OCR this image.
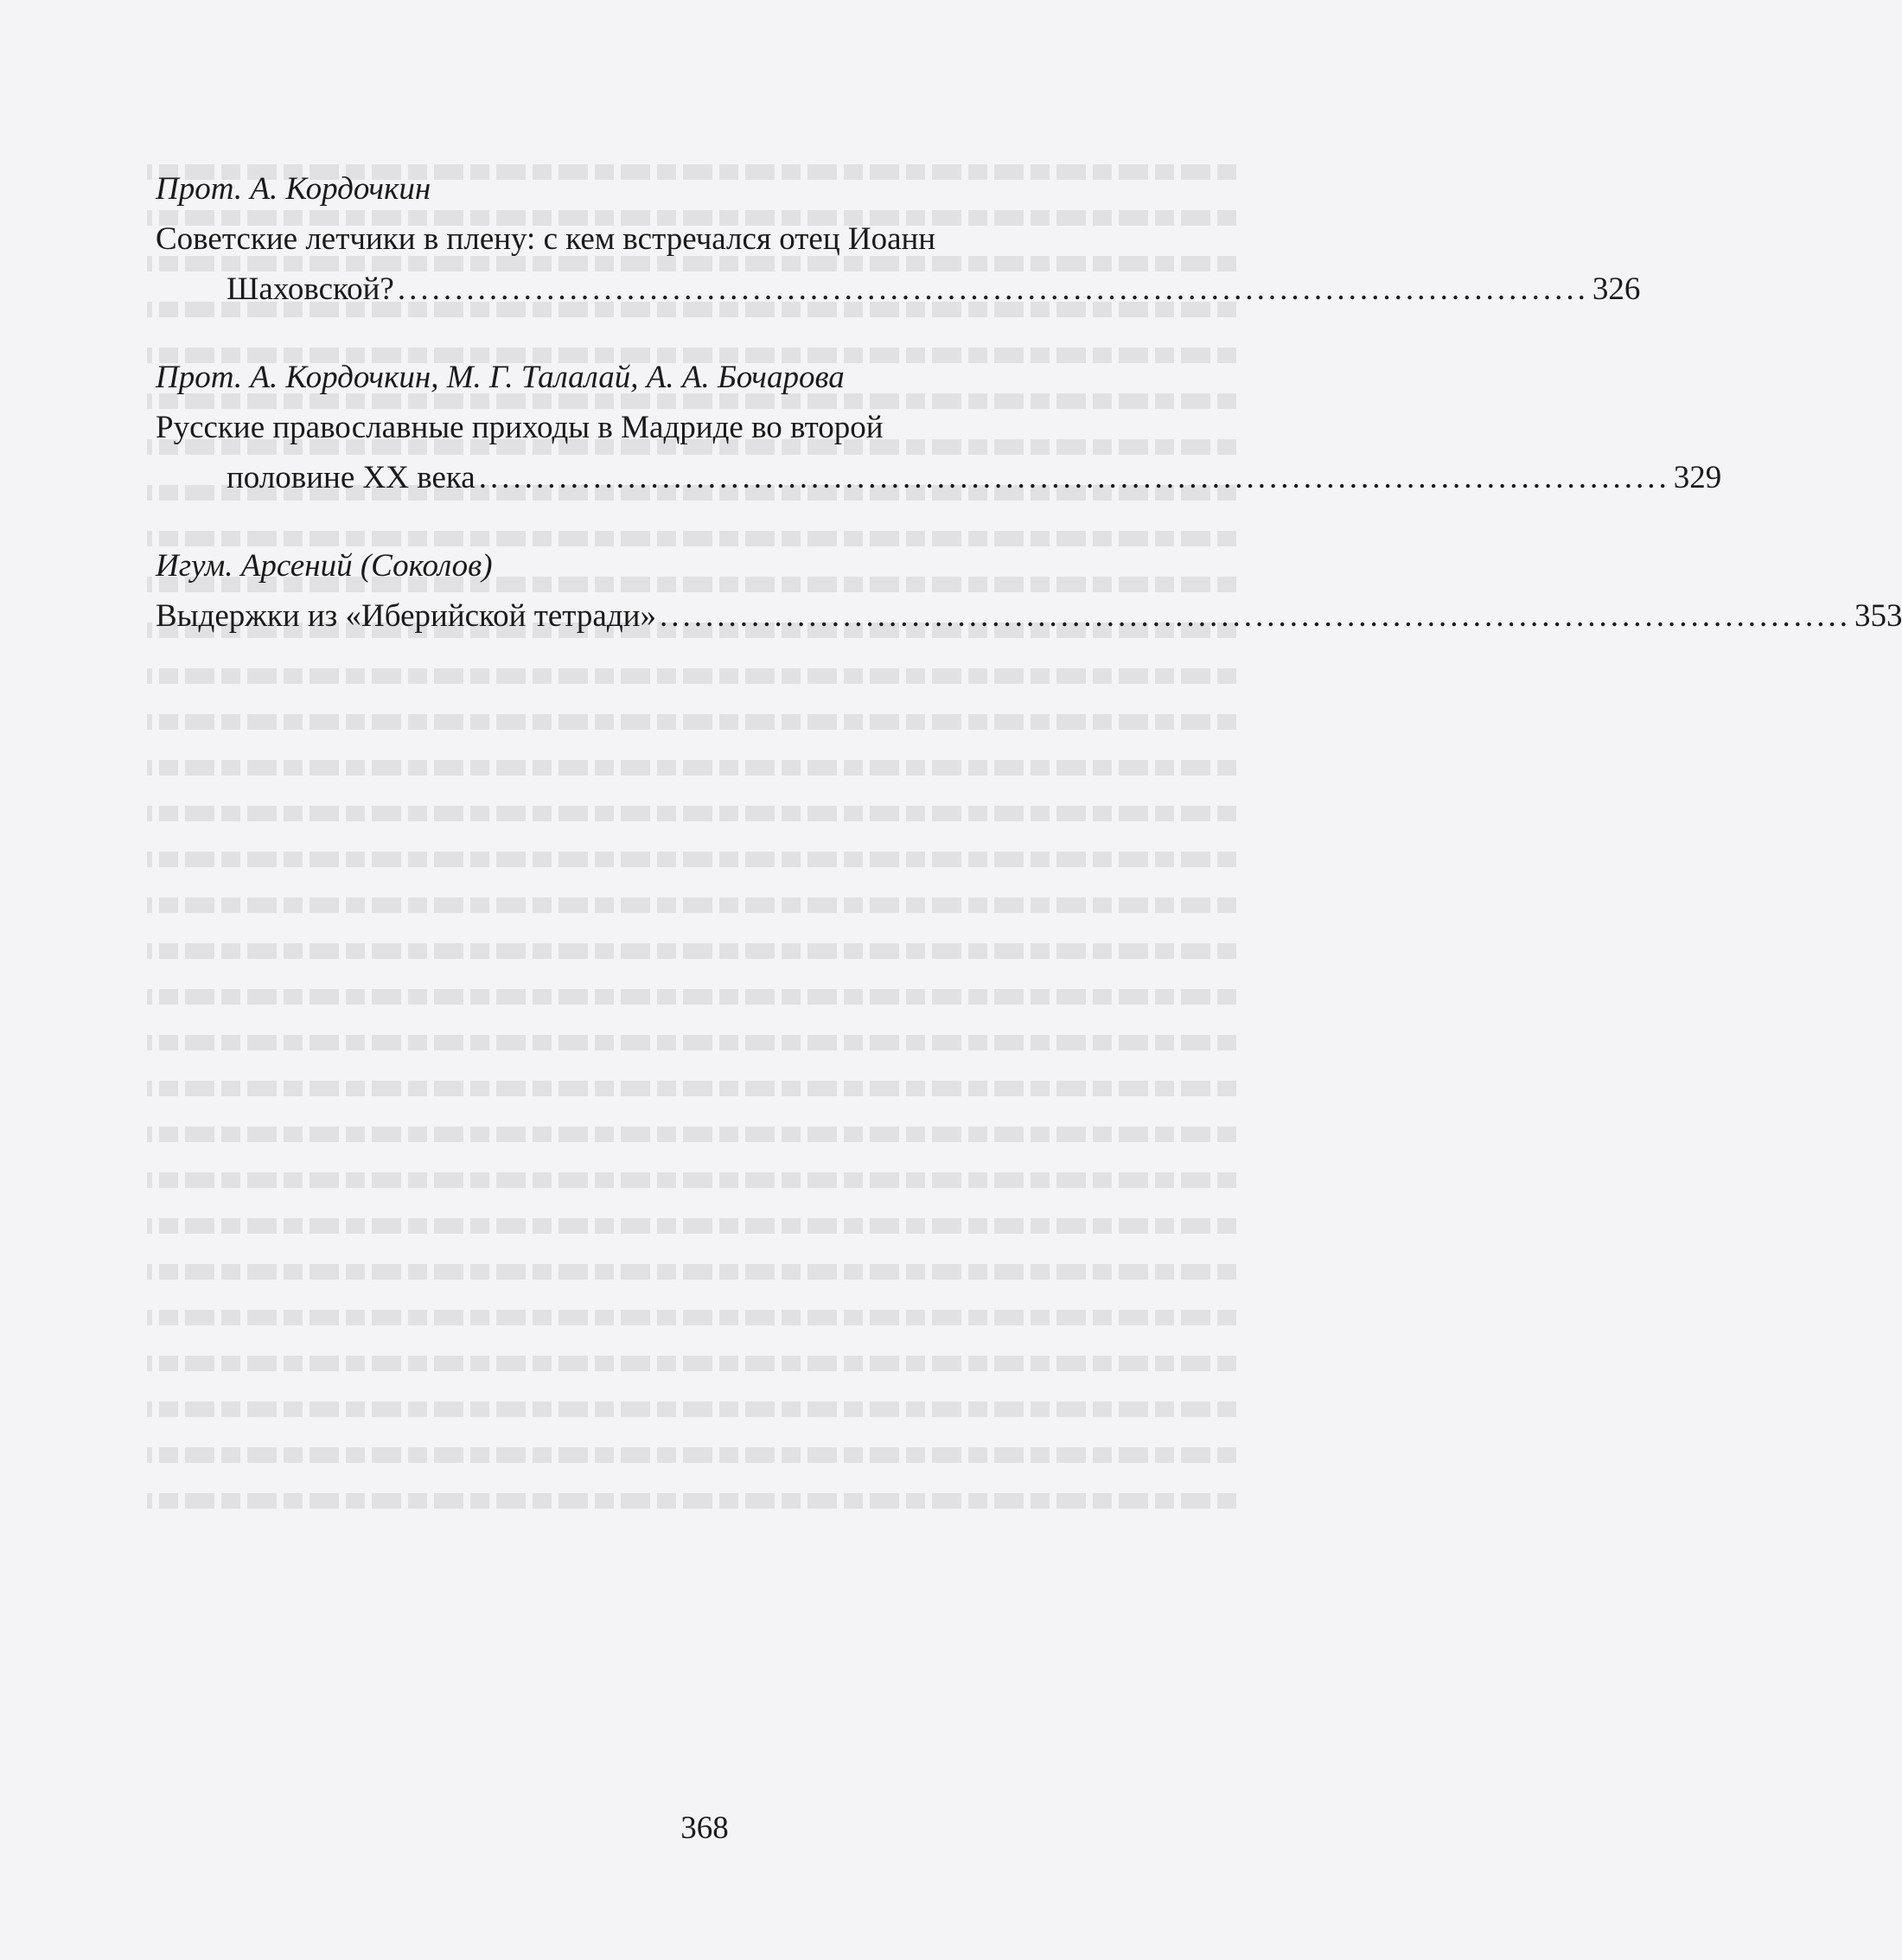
Прот. А. Кордочкин
Советские летчики в плену: с кем встречался отец Иоанн
Шаховской? ........................................................................................................ 326
Прот. А. Кордочкин, М. Г. Талалай, А. А. Бочарова
Русские православные приходы в Мадриде во второй
половине XX века ........................................................................................................ 329
Игум. Арсений (Соколов)
Выдержки из «Иберийской тетради» ........................................................................................................ 353
368
